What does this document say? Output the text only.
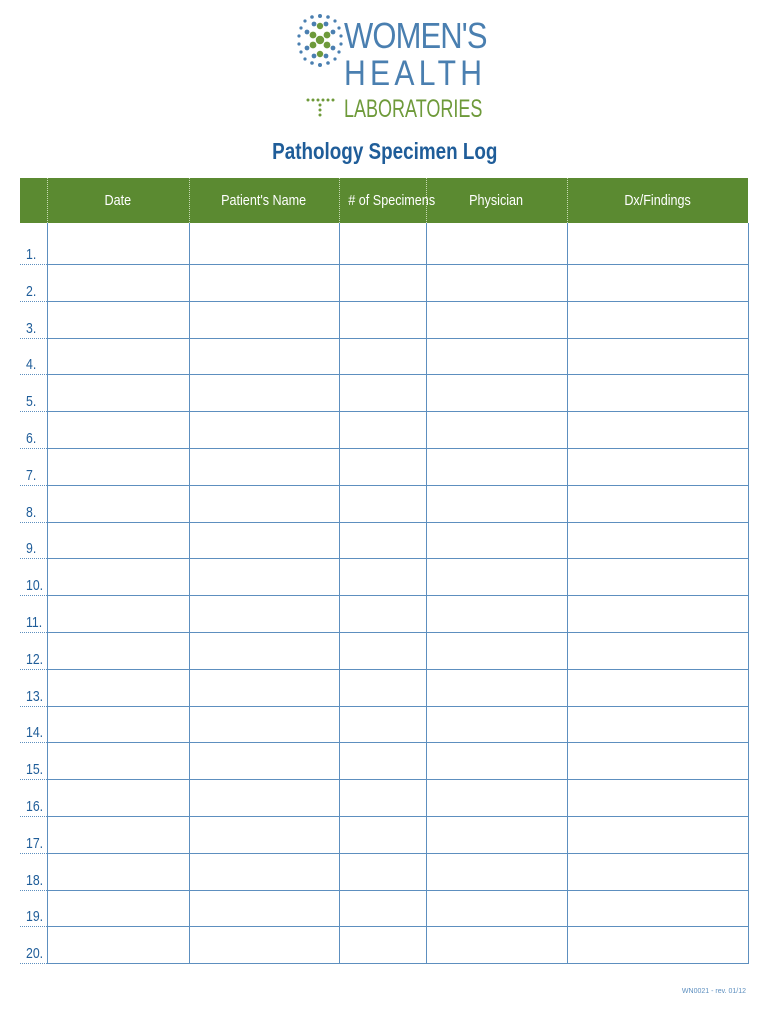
WOMEN'S
HEALTH
LABORATORIES
Pathology Specimen Log
	Date	Patient's Name	# of Specimens	Physician	Dx/Findings
1.					
2.					
3.					
4.					
5.					
6.					
7.					
8.					
9.					
10.					
11.					
12.					
13.					
14.					
15.					
16.					
17.					
18.					
19.					
20.					
WN0021 - rev. 01/12
